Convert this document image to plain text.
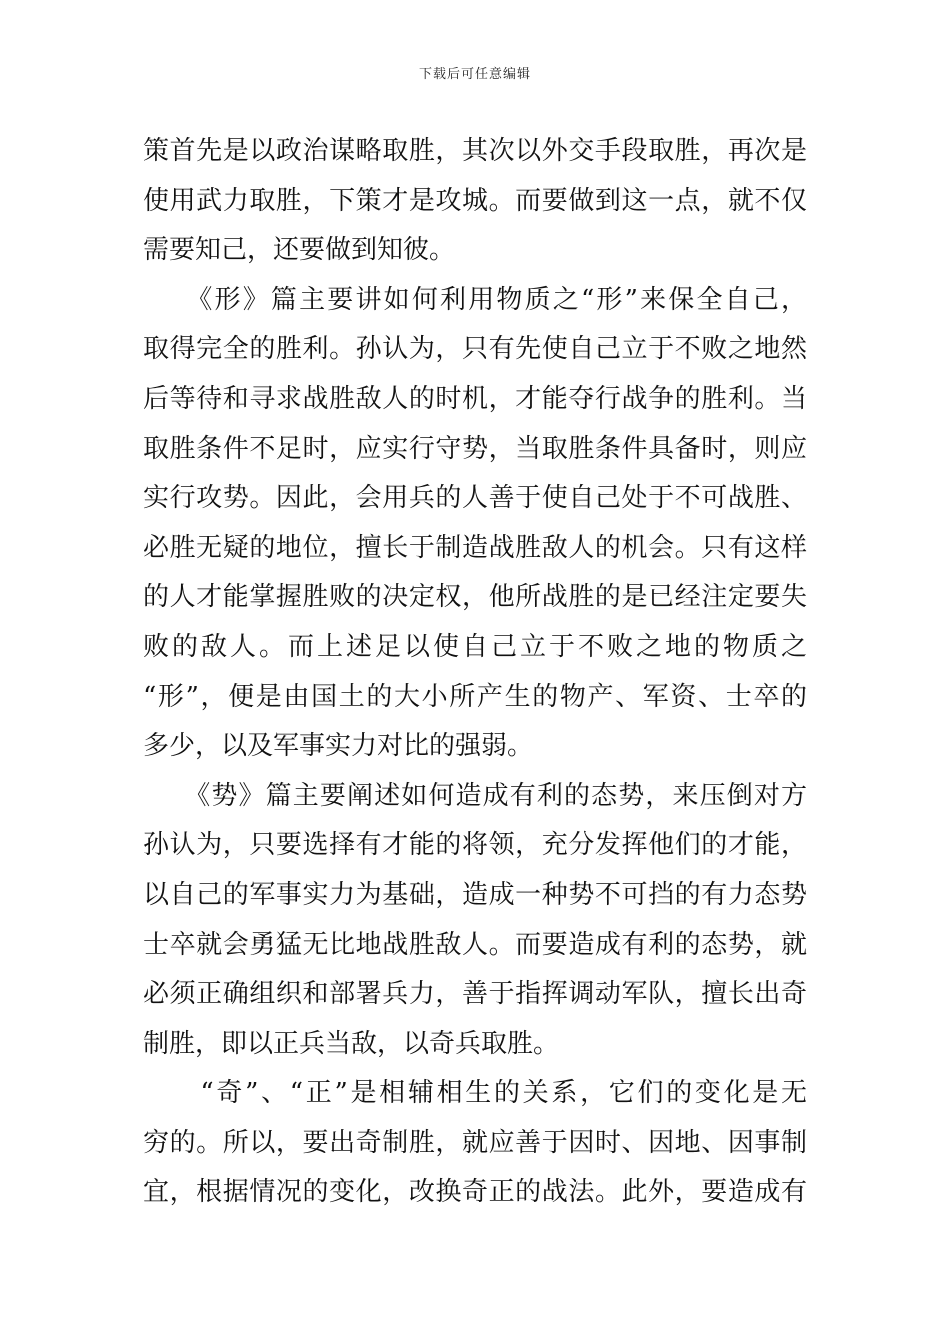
下载后可任意编辑
策首先是以政治谋略取胜，其次以外交手段取胜，再次是
使用武力取胜，下策才是攻城。而要做到这一点，就不仅
需要知己，还要做到知彼。
　　《形》篇主要讲如何利用物质之“形”来保全自己，
取得完全的胜利。孙认为，只有先使自己立于不败之地然
后等待和寻求战胜敌人的时机，才能夺行战争的胜利。当
取胜条件不足时，应实行守势，当取胜条件具备时，则应
实行攻势。因此，会用兵的人善于使自己处于不可战胜、
必胜无疑的地位，擅长于制造战胜敌人的机会。只有这样
的人才能掌握胜败的决定权，他所战胜的是已经注定要失
败的敌人。而上述足以使自己立于不败之地的物质之
“形”，便是由国土的大小所产生的物产、军资、士卒的
多少，以及军事实力对比的强弱。
　　《势》篇主要阐述如何造成有利的态势，来压倒对方
孙认为，只要选择有才能的将领，充分发挥他们的才能，
以自己的军事实力为基础，造成一种势不可挡的有力态势
士卒就会勇猛无比地战胜敌人。而要造成有利的态势，就
必须正确组织和部署兵力，善于指挥调动军队，擅长出奇
制胜，即以正兵当敌，以奇兵取胜。
　　“奇”、“正”是相辅相生的关系，它们的变化是无
穷的。所以，要出奇制胜，就应善于因时、因地、因事制
宜，根据情况的变化，改换奇正的战法。此外，要造成有
